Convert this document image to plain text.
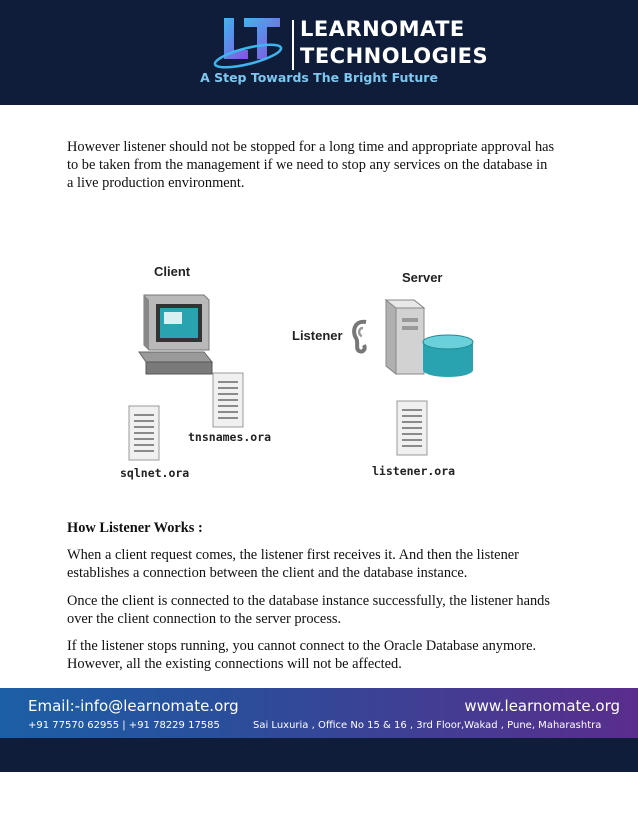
LEARNOMATE
TECHNOLOGIES
A Step Towards The Bright Future

However listener should not be stopped for a long time and appropriate approval has to be taken from the management if we need to stop any services on the database in a live production environment.

Client	Server
Listener
tnsnames.ora
sqlnet.ora	listener.ora
How Listener Works :

When a client request comes, the listener first receives it. And then the listener establishes a connection between the client and the database instance.

Once the client is connected to the database instance successfully, the listener hands over the client connection to the server process.

If the listener stops running, you cannot connect to the Oracle Database anymore. However, all the existing connections will not be affected.

Email:-info@learnomate.org	www.learnomate.org
+91 77570 62955 | +91 78229 17585	Sai Luxuria , Office No 15 & 16 , 3rd Floor,Wakad , Pune, Maharashtra
